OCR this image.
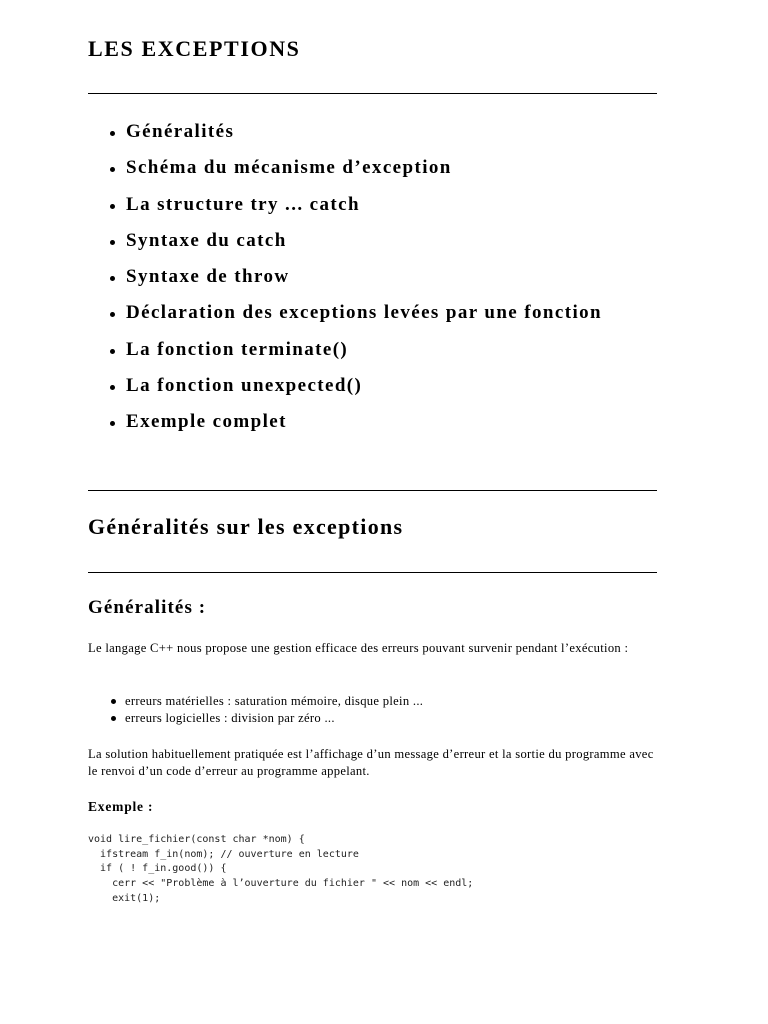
LES EXCEPTIONS
Généralités
Schéma du mécanisme d’exception
La structure try ... catch
Syntaxe du catch
Syntaxe de throw
Déclaration des exceptions levées par une fonction
La fonction terminate()
La fonction unexpected()
Exemple complet
Généralités sur les exceptions
Généralités :

Le langage C++ nous propose une gestion efficace des erreurs pouvant survenir pendant l’exécution :

erreurs matérielles : saturation mémoire, disque plein ...
erreurs logicielles : division par zéro ...

La solution habituellement pratiquée est l’affichage d’un message d’erreur et la sortie du programme avec le renvoi d’un code d’erreur au programme appelant.

Exemple :
void lire_fichier(const char *nom) {
ifstream f_in(nom); // ouverture en lecture
if ( ! f_in.good()) {
cerr << "Problème à l’ouverture du fichier " << nom << endl;
exit(1);
